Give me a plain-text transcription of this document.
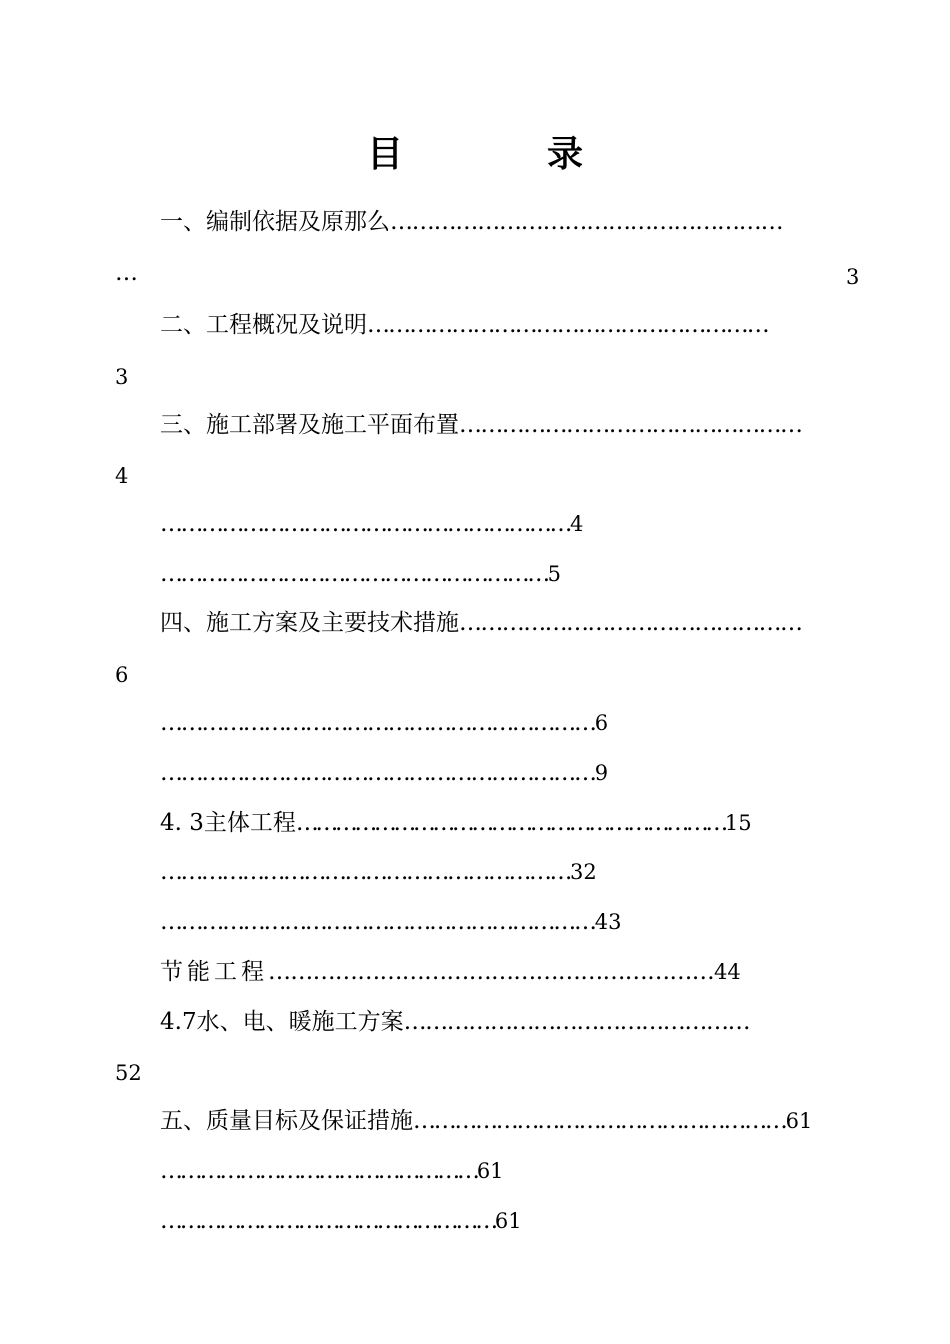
目　录
一、编制依据及原那么………………………………………………
…	3
二、工程概况及说明…………………………………………………
3
三、施工部署及施工平面布置…………………………………………
4
……………………………………………………4
…………………………………………………5
四、施工方案及主要技术措施…………………………………………
6
………………………………………………………6
………………………………………………………9
4. 3主体工程…………………………………………………………15
……………………………………………………32
………………………………………………………43
节能工程……………………………………………………44
4.7水、电、暖施工方案…………………………………………
52
五、质量目标及保证措施………………………………………………61
…………………………………………61
……………………………………………61
